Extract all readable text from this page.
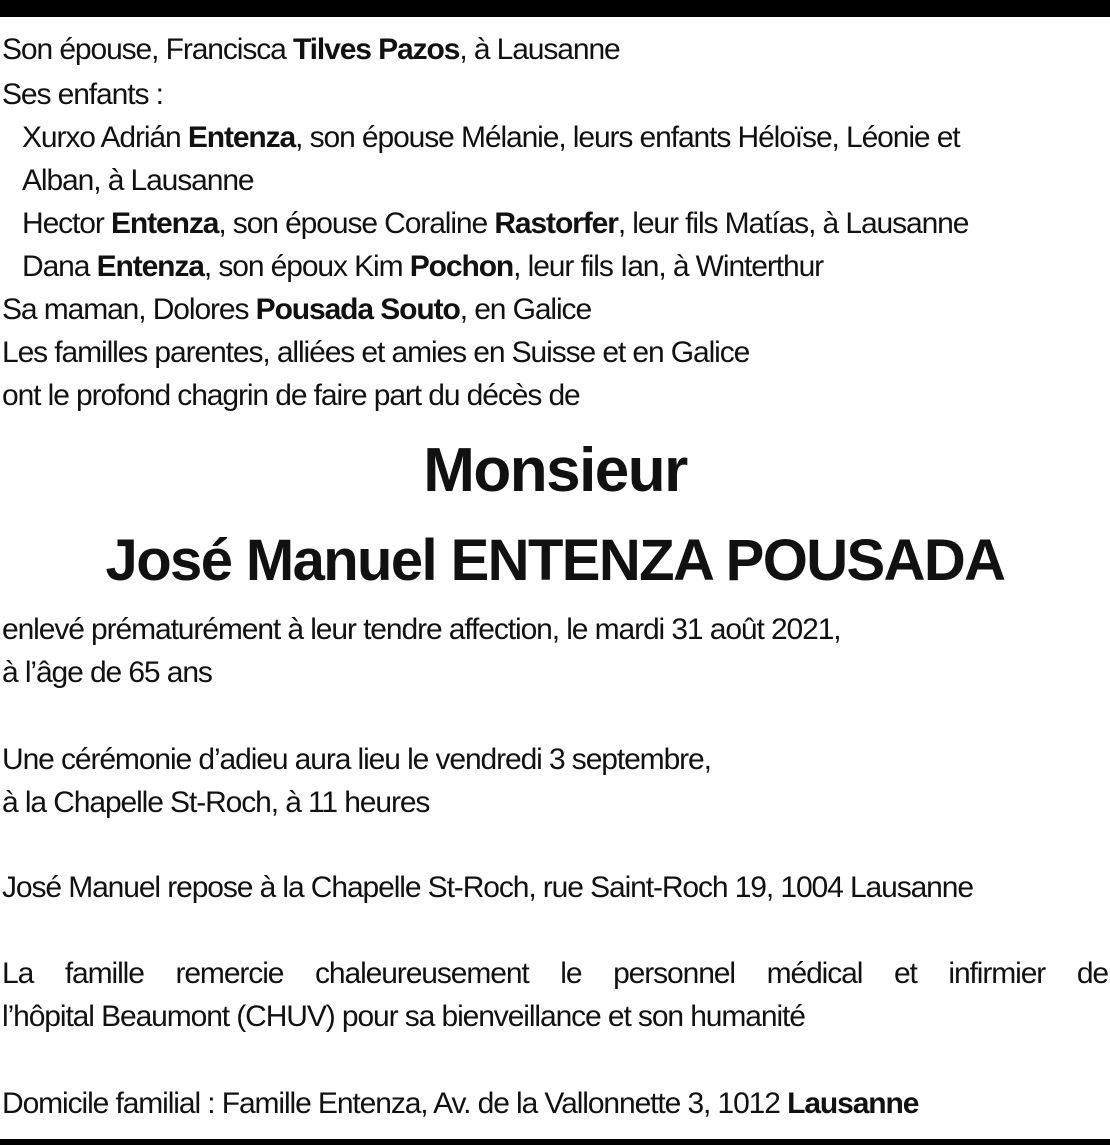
Son épouse, Francisca Tilves Pazos, à Lausanne
Ses enfants :
Xurxo Adrián Entenza, son épouse Mélanie, leurs enfants Héloïse, Léonie et
Alban, à Lausanne
Hector Entenza, son épouse Coraline Rastorfer, leur fils Matías, à Lausanne
Dana Entenza, son époux Kim Pochon, leur fils Ian, à Winterthur
Sa maman, Dolores Pousada Souto, en Galice
Les familles parentes, alliées et amies en Suisse et en Galice
ont le profond chagrin de faire part du décès de
Monsieur
José Manuel ENTENZA POUSADA
enlevé prématurément à leur tendre affection, le mardi 31 août 2021,
à l’âge de 65 ans
Une cérémonie d’adieu aura lieu le vendredi 3 septembre,
à la Chapelle St-Roch, à 11 heures
José Manuel repose à la Chapelle St-Roch, rue Saint-Roch 19, 1004 Lausanne
La famille remercie chaleureusement le personnel médical et infirmier de
l’hôpital Beaumont (CHUV) pour sa bienveillance et son humanité
Domicile familial : Famille Entenza, Av. de la Vallonnette 3, 1012 Lausanne
